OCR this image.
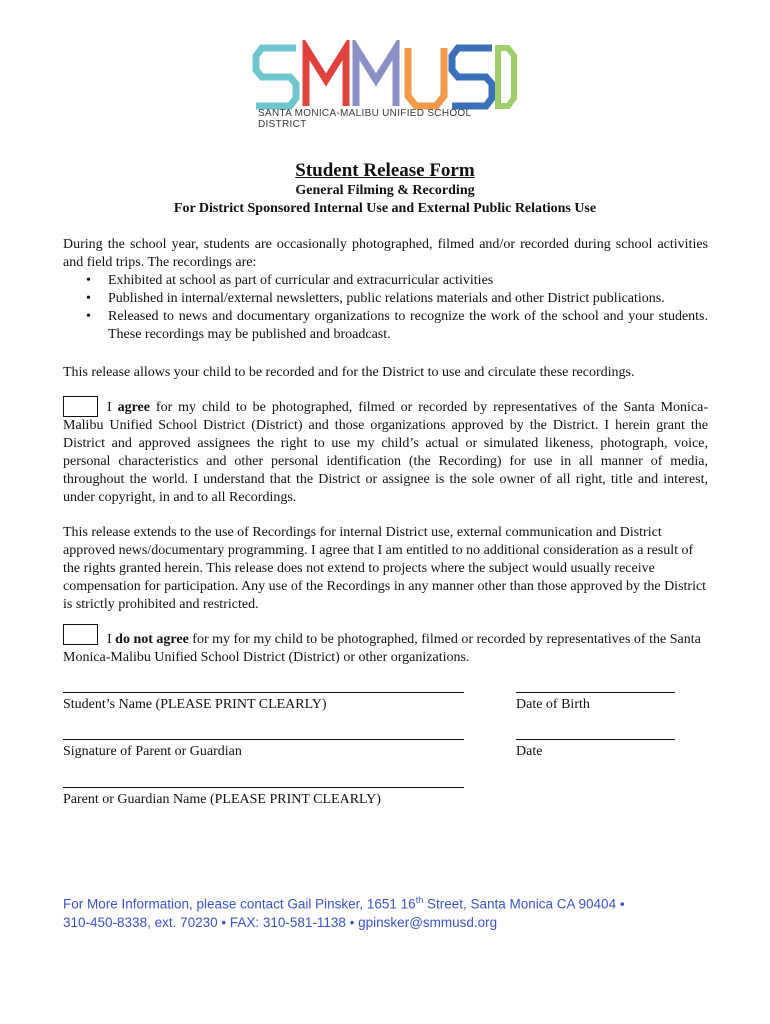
SANTA MONICA-MALIBU UNIFIED SCHOOL DISTRICT
Student Release Form
General Filming & Recording
For District Sponsored Internal Use and External Public Relations Use
During the school year, students are occasionally photographed, filmed and/or recorded during school activities and field trips. The recordings are:
• Exhibited at school as part of curricular and extracurricular activities
• Published in internal/external newsletters, public relations materials and other District publications.
• Released to news and documentary organizations to recognize the work of the school and your students. These recordings may be published and broadcast.
This release allows your child to be recorded and for the District to use and circulate these recordings.
I agree for my child to be photographed, filmed or recorded by representatives of the Santa Monica-Malibu Unified School District (District) and those organizations approved by the District. I herein grant the District and approved assignees the right to use my child’s actual or simulated likeness, photograph, voice, personal characteristics and other personal identification (the Recording) for use in all manner of media, throughout the world. I understand that the District or assignee is the sole owner of all right, title and interest, under copyright, in and to all Recordings.
This release extends to the use of Recordings for internal District use, external communication and District approved news/documentary programming. I agree that I am entitled to no additional consideration as a result of the rights granted herein. This release does not extend to projects where the subject would usually receive compensation for participation. Any use of the Recordings in any manner other than those approved by the District is strictly prohibited and restricted.
I do not agree for my for my child to be photographed, filmed or recorded by representatives of the Santa Monica-Malibu Unified School District (District) or other organizations.
Student’s Name (PLEASE PRINT CLEARLY)	Date of Birth
Signature of Parent or Guardian	Date
Parent or Guardian Name (PLEASE PRINT CLEARLY)
For More Information, please contact Gail Pinsker, 1651 16th Street, Santa Monica CA 90404 •
310-450-8338, ext. 70230 • FAX: 310-581-1138 • gpinsker@smmusd.org
